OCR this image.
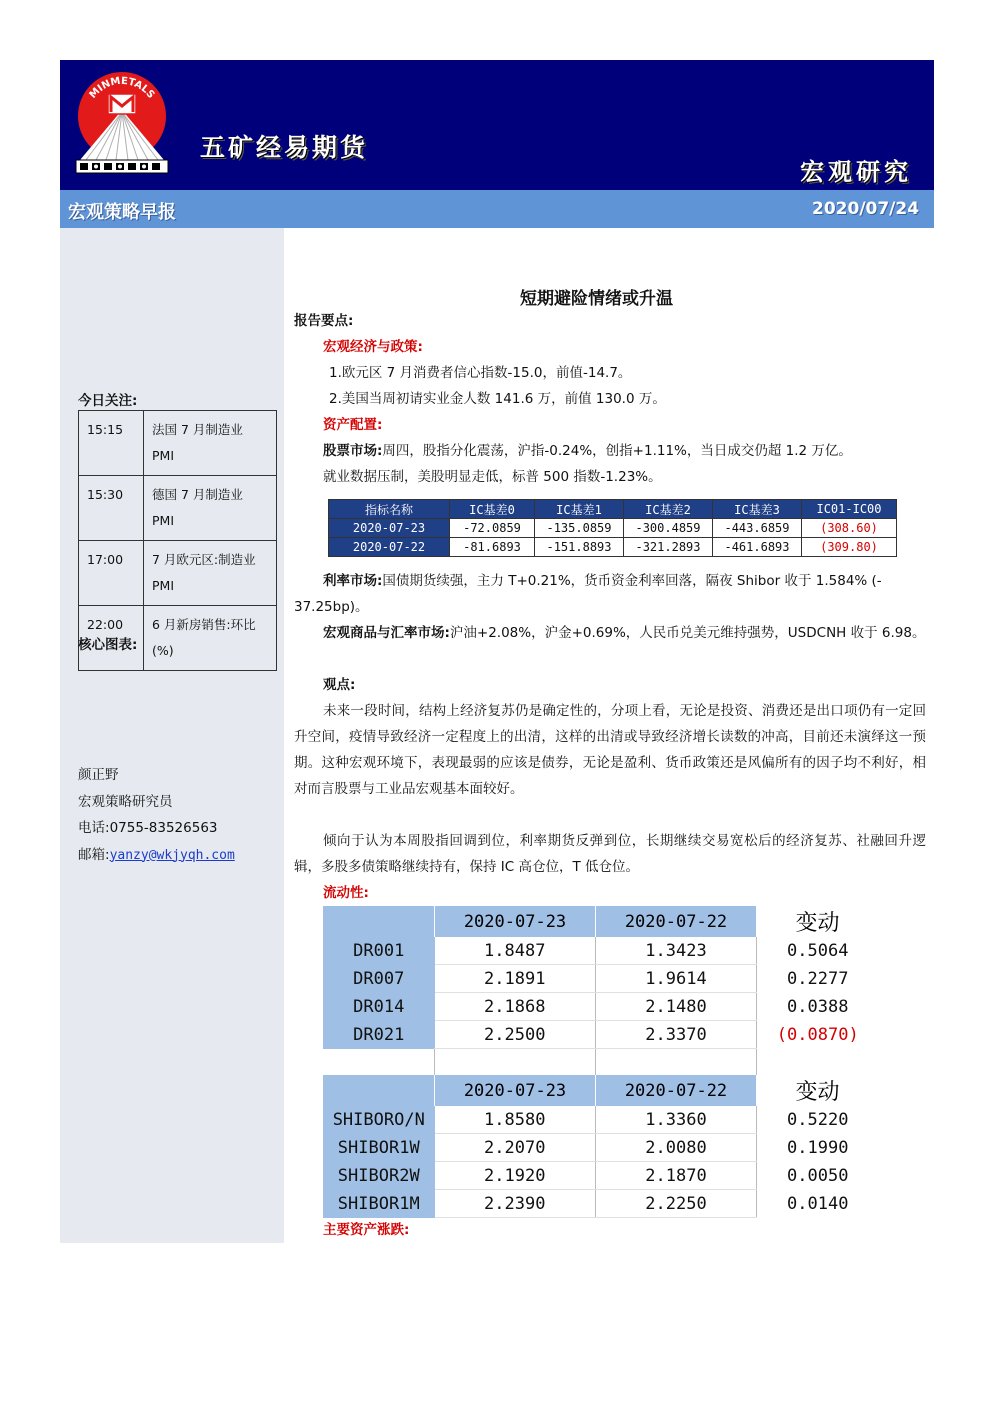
MINMETALS
五矿经易期货
宏观研究
宏观策略早报	2020/07/24
今日关注:
15:15	法国 7 月制造业 PMI
15:30	德国 7 月制造业 PMI
17:00	7 月欧元区:制造业 PMI
22:00	6 月新房销售:环比 (%)
核心图表:
颜正野
宏观策略研究员
电话:0755-83526563
邮箱:yanzy@wkjyqh.com
短期避险情绪或升温
报告要点:
宏观经济与政策:
1.欧元区 7 月消费者信心指数-15.0，前值-14.7。
2.美国当周初请实业金人数 141.6 万，前值 130.0 万。
资产配置:
股票市场:周四，股指分化震荡，沪指-0.24%，创指+1.11%，当日成交仍超 1.2 万亿。
就业数据压制，美股明显走低，标普 500 指数-1.23%。
指标名称	IC基差0	IC基差1	IC基差2	IC基差3	IC01-IC00
2020-07-23	-72.0859	-135.0859	-300.4859	-443.6859	(308.60)
2020-07-22	-81.6893	-151.8893	-321.2893	-461.6893	(309.80)
利率市场:国债期货续强，主力 T+0.21%，货币资金利率回落，隔夜 Shibor 收于 1.584% (-
37.25bp)。
宏观商品与汇率市场:沪油+2.08%，沪金+0.69%，人民币兑美元维持强势，USDCNH 收于 6.98。
观点:
未来一段时间，结构上经济复苏仍是确定性的，分项上看，无论是投资、消费还是出口项仍有一定回升空间，疫情导致经济一定程度上的出清，这样的出清或导致经济增长读数的冲高，目前还未演绎这一预期。这种宏观环境下，表现最弱的应该是债券，无论是盈利、货币政策还是风偏所有的因子均不利好，相对而言股票与工业品宏观基本面较好。
倾向于认为本周股指回调到位，利率期货反弹到位，长期继续交易宽松后的经济复苏、社融回升逻辑，多股多债策略继续持有，保持 IC 高仓位，T 低仓位。
流动性:
	2020-07-23	2020-07-22	变动
DR001	1.8487	1.3423	0.5064
DR007	2.1891	1.9614	0.2277
DR014	2.1868	2.1480	0.0388
DR021	2.2500	2.3370	(0.0870)

	2020-07-23	2020-07-22	变动
SHIBORO/N	1.8580	1.3360	0.5220
SHIBOR1W	2.2070	2.0080	0.1990
SHIBOR2W	2.1920	2.1870	0.0050
SHIBOR1M	2.2390	2.2250	0.0140
主要资产涨跌:
